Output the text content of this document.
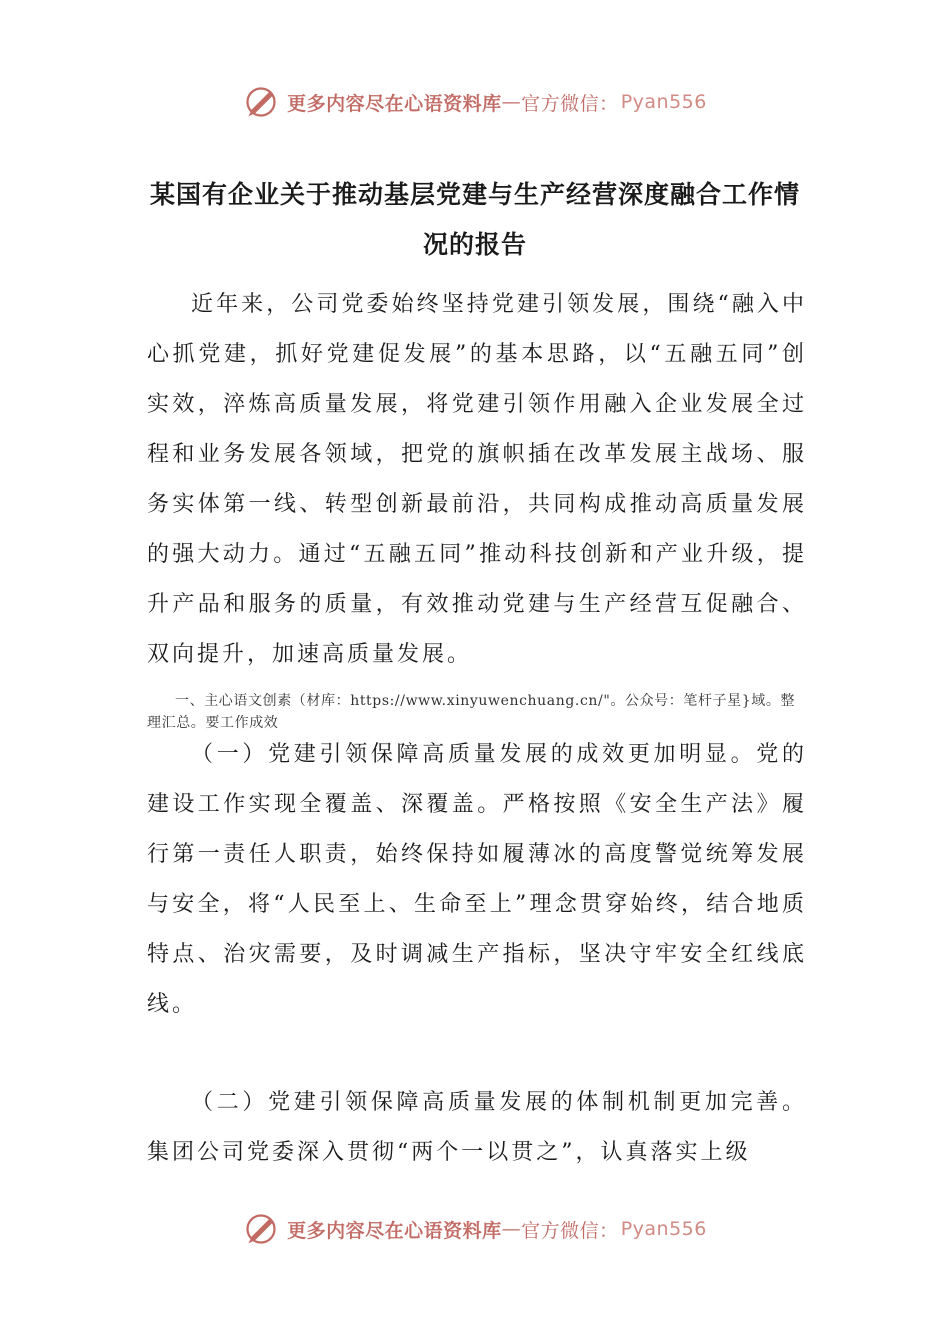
更多内容尽在心语资料库 — 官方微信： Pyan556
某国有企业关于推动基层党建与生产经营深度融合工作情
况的报告

近年来，公司党委始终坚持党建引领发展，围绕“融入中心抓党建，抓好党建促发展”的基本思路，以“五融五同”创实效，淬炼高质量发展，将党建引领作用融入企业发展全过程和业务发展各领域，把党的旗帜插在改革发展主战场、服务实体第一线、转型创新最前沿，共同构成推动高质量发展的强大动力。通过“五融五同”推动科技创新和产业升级，提升产品和服务的质量，有效推动党建与生产经营互促融合、双向提升，加速高质量发展。

一、主心语文创素（材库：https://www.xinyuwenchuang.cn/"。公众号：笔杆子星}域。整理汇总。要工作成效

（一）党建引领保障高质量发展的成效更加明显。党的建设工作实现全覆盖、深覆盖。严格按照《安全生产法》履行第一责任人职责，始终保持如履薄冰的高度警觉统筹发展与安全，将“人民至上、生命至上”理念贯穿始终，结合地质特点、治灾需要，及时调减生产指标，坚决守牢安全红线底线。

（二）党建引领保障高质量发展的体制机制更加完善。集团公司党委深入贯彻“两个一以贯之”，认真落实上级

更多内容尽在心语资料库 — 官方微信： Pyan556
